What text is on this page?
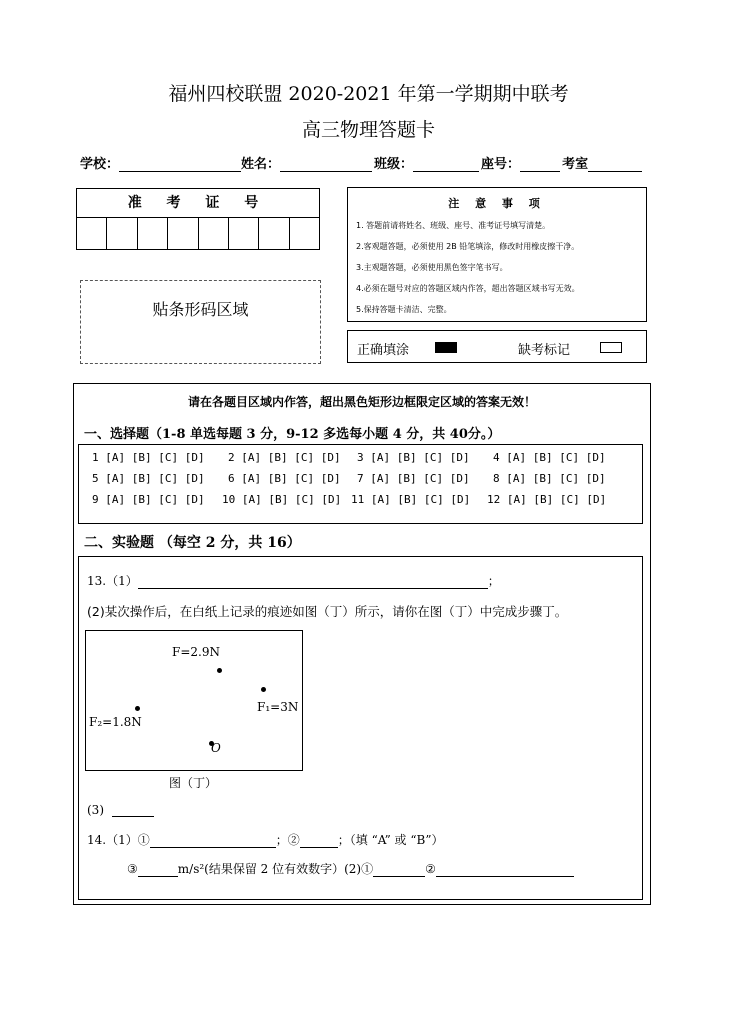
福州四校联盟 2020-2021 年第一学期期中联考
高三物理答题卡
学校：	姓名：	班级：	座号：	考室
准 考 证 号
贴条形码区域
注 意 事 项
1. 答题前请将姓名、班级、座号、准考证号填写清楚。
2.客观题答题，必须使用 2B 铅笔填涂，修改时用橡皮擦干净。
3.主观题答题，必须使用黑色签字笔书写。
4.必须在题号对应的答题区域内作答，超出答题区域书写无效。
5.保持答题卡清洁、完整。
正确填涂	缺考标记
请在各题目区域内作答，超出黑色矩形边框限定区域的答案无效！
一、选择题（1-8 单选每题 3 分，9-12 多选每小题 4 分，共 40分。）
1 [A] [B] [C] [D] 2 [A] [B] [C] [D] 3 [A] [B] [C] [D] 4 [A] [B] [C] [D]
5 [A] [B] [C] [D] 6 [A] [B] [C] [D] 7 [A] [B] [C] [D] 8 [A] [B] [C] [D]
9 [A] [B] [C] [D] 10 [A] [B] [C] [D] 11 [A] [B] [C] [D] 12 [A] [B] [C] [D]
二、实验题 （每空 2 分，共 16）
13.（1）	；
(2)某次操作后，在白纸上记录的痕迹如图（丁）所示，请你在图（丁）中完成步骤丁。
F=2.9N
F₁=3N
F₂=1.8N
O
图（丁）
(3)
14.（1）①	；②	；（填 “A” 或 “B”）
③	m/s²(结果保留 2 位有效数字）(2)①	②
